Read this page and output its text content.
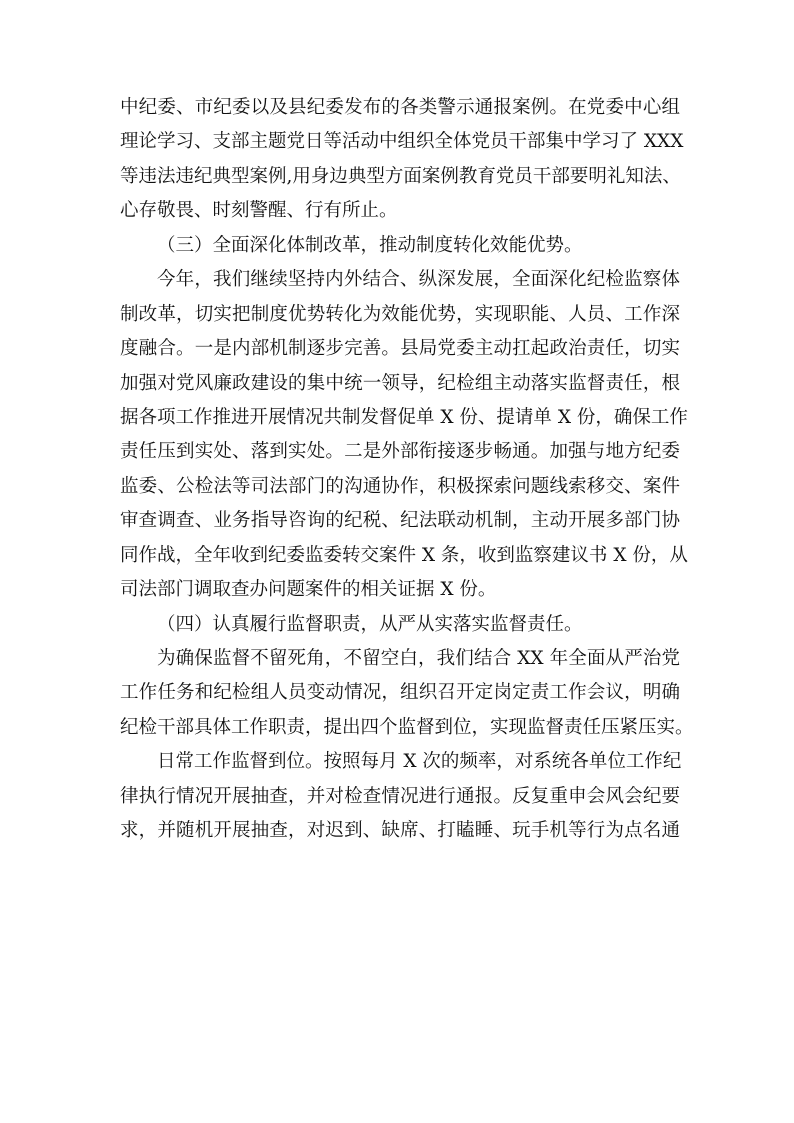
中纪委、市纪委以及县纪委发布的各类警示通报案例。在党委中心组
理论学习、支部主题党日等活动中组织全体党员干部集中学习了 XXX
等违法违纪典型案例,用身边典型方面案例教育党员干部要明礼知法、
心存敬畏、时刻警醒、行有所止。
（三）全面深化体制改革，推动制度转化效能优势。
今年，我们继续坚持内外结合、纵深发展，全面深化纪检监察体
制改革，切实把制度优势转化为效能优势，实现职能、人员、工作深
度融合。一是内部机制逐步完善。县局党委主动扛起政治责任，切实
加强对党风廉政建设的集中统一领导，纪检组主动落实监督责任，根
据各项工作推进开展情况共制发督促单 X 份、提请单 X 份，确保工作
责任压到实处、落到实处。二是外部衔接逐步畅通。加强与地方纪委
监委、公检法等司法部门的沟通协作，积极探索问题线索移交、案件
审查调查、业务指导咨询的纪税、纪法联动机制，主动开展多部门协
同作战，全年收到纪委监委转交案件 X 条，收到监察建议书 X 份，从
司法部门调取查办问题案件的相关证据 X 份。
（四）认真履行监督职责，从严从实落实监督责任。
为确保监督不留死角，不留空白，我们结合 XX 年全面从严治党
工作任务和纪检组人员变动情况，组织召开定岗定责工作会议，明确
纪检干部具体工作职责，提出四个监督到位，实现监督责任压紧压实。
日常工作监督到位。按照每月 X 次的频率，对系统各单位工作纪
律执行情况开展抽查，并对检查情况进行通报。反复重申会风会纪要
求，并随机开展抽查，对迟到、缺席、打瞌睡、玩手机等行为点名通
